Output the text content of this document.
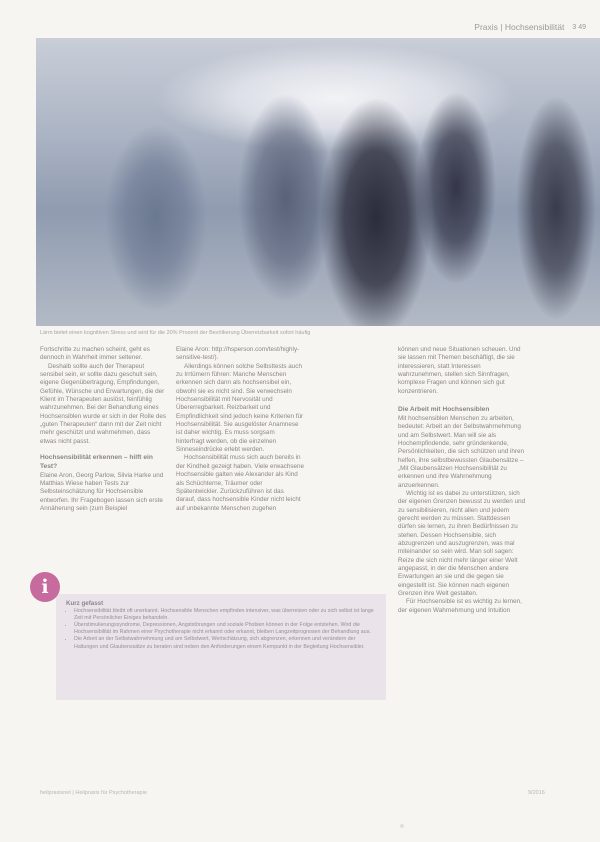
Praxis | Hochsensibilität 3 49
Lärm bietet einen kognitiven Stress und wird für die 20% Prozent der Bevölkerung Überreizbarkeit sofort häufig

Fortschritte zu machen scheint, geht es dennoch in Wahrheit immer seltener.

Deshalb sollte auch der Therapeut sensibel sein, er sollte dazu geschult sein, eigene Gegenübertragung, Empfindungen, Gefühle, Wünsche und Erwartungen, die der Klient im Therapeuten auslöst, feinfühlig wahrzunehmen. Bei der Behandlung eines Hochsensiblen wurde er sich in der Rolle des „guten Therapeuten“ dann mit der Zeit nicht mehr geschützt und wahrnehmen, dass etwas nicht passt.

Hochsensibilität erkennen – hilft ein Test?

Elaine Aron, Georg Parlow, Silvia Harke und Matthias Wiese haben Tests zur Selbsteinschätzung für Hochsensible entworfen. Ihr Fragebogen lassen sich erste Annäherung sein (zum Beispiel

Elaine Aron: http://hsperson.com/test/highly-sensitive-test/).

Allerdings können solche Selbsttests auch zu Irrtümern führen: Manche Menschen erkennen sich dann als hochsensibel ein, obwohl sie es nicht sind. Sie verwechseln Hochsensibilität mit Nervosität und Übererregbarkeit. Reizbarkeit und Empfindlichkeit sind jedoch keine Kriterien für Hochsensibilität. Sie ausgelöster Anamnese ist daher wichtig. Es muss sorgsam hinterfragt werden, ob die einzelnen Sinneseindrücke erlebt werden.

Hochsensibilität muss sich auch bereits in der Kindheit gezeigt haben. Viele erwachsene Hochsensible galten wie Alexander als Kind als Schüchterne, Träumer oder Spätentwickler. Zurückzuführen ist das darauf, dass hochsensible Kinder nicht leicht auf unbekannte Menschen zugehen

können und neue Situationen scheuen. Und sie lassen mit Themen beschäftigt, die sie interessieren, statt Interessen wahrzunehmen, stellen sich Sinnfragen, komplexe Fragen und können sich gut konzentrieren.

Die Arbeit mit Hochsensiblen

Mit hochsensiblen Menschen zu arbeiten, bedeutet: Arbeit an der Selbstwahrnehmung und am Selbstwert. Man will sie als Hochempfindende, sehr gründenkende, Persönlichkeiten, die sich schützen und ihren helfen, ihre selbstbewussten Glaubensätze – „Mit Glaubensätzen Hochsensibilität zu erkennen und ihre Wahrnehmung anzuerkennen.

Wichtig ist es dabei zu unterstützen, sich der eigenen Grenzen bewusst zu werden und zu sensibilisieren, nicht allen und jedem gerecht werden zu müssen. Stattdessen dürfen sie lernen, zu ihren Bedürfnissen zu stehen. Dessen Hochsensible, sich abzugrenzen und auszugrenzen, was mal miteinander so sein wird. Man soll sagen: Reize die sich nicht mehr länger einer Welt angepasst, in der die Menschen andere Erwartungen an sie und die gegen sie eingestellt ist. Sie können nach eigenen Grenzen ihre Welt gestalten.

Für Hochsensible ist es wichtig zu lernen, der eigenen Wahrnehmung und Intuition

Kurz gefasst
• Hochsensibilität bleibt oft unerkannt. Hochsensible Menschen empfinden intensiver, was überreizen oder zu sich selbst ist lange Zeit mit Persönlicher Einiges behandeln.
• Überstimulierungssyndrome, Depressionen, Angststörungen und soziale Phobien können in der Folge entstehen. Wird die Hochsensibilität im Rahmen einer Psychotherapie nicht erkannt oder erkannt, bleiben Langzeitprognosen der Behandlung aus.
• Die Arbeit an der Selbstwahrnehmung und am Selbstwert, Wertschätzung, sich abgrenzen, erkennen und verändern der Haltungen und Glaubenssätze zu beraten sind neben den Anforderungen einem Kernpunkt in der Begleitung Hochsensibler.
i
heilpraxisnet | Heilpraxis für Psychotherapie	9/2016
